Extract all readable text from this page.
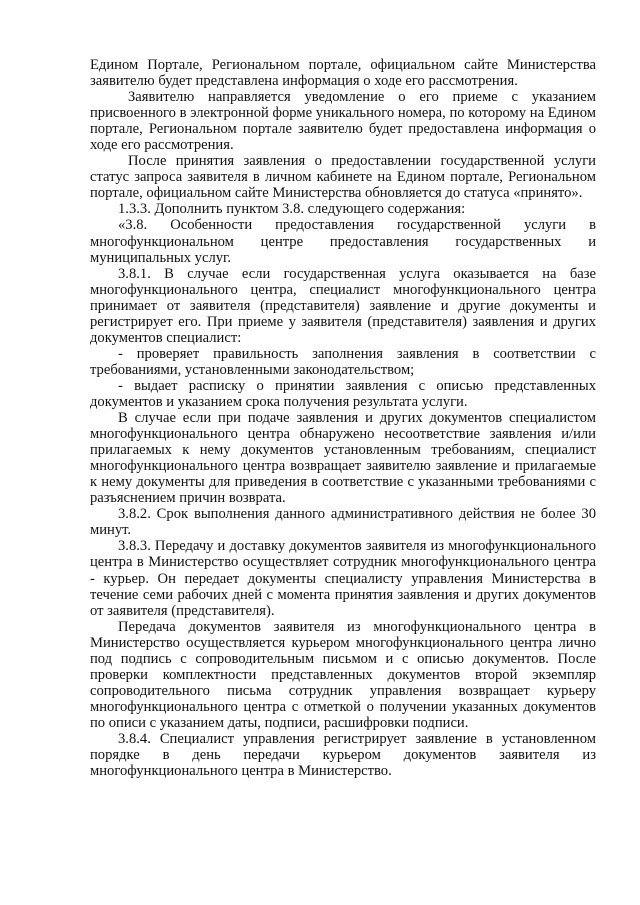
Едином Портале, Региональном портале, официальном сайте Министерства заявителю будет представлена информация о ходе его рассмотрения.

Заявителю направляется уведомление о его приеме с указанием присвоенного в электронной форме уникального номера, по которому на Едином портале, Региональном портале заявителю будет предоставлена информация о ходе его рассмотрения.

После принятия заявления о предоставлении государственной услуги статус запроса заявителя в личном кабинете на Едином портале, Региональном портале, официальном сайте Министерства обновляется до статуса «принято».

1.3.3. Дополнить пунктом 3.8. следующего содержания:

«3.8. Особенности предоставления государственной услуги в многофункциональном центре предоставления государственных и муниципальных услуг.

3.8.1. В случае если государственная услуга оказывается на базе многофункционального центра, специалист многофункционального центра принимает от заявителя (представителя) заявление и другие документы и регистрирует его. При приеме у заявителя (представителя) заявления и других документов специалист:

- проверяет правильность заполнения заявления в соответствии с требованиями, установленными законодательством;

- выдает расписку о принятии заявления с описью представленных документов и указанием срока получения результата услуги.

В случае если при подаче заявления и других документов специалистом многофункционального центра обнаружено несоответствие заявления и/или прилагаемых к нему документов установленным требованиям, специалист многофункционального центра возвращает заявителю заявление и прилагаемые к нему документы для приведения в соответствие с указанными требованиями с разъяснением причин возврата.

3.8.2. Срок выполнения данного административного действия не более 30 минут.

3.8.3. Передачу и доставку документов заявителя из многофункционального центра в Министерство осуществляет сотрудник многофункционального центра - курьер. Он передает документы специалисту управления Министерства в течение семи рабочих дней с момента принятия заявления и других документов от заявителя (представителя).

Передача документов заявителя из многофункционального центра в Министерство осуществляется курьером многофункционального центра лично под подпись с сопроводительным письмом и с описью документов. После проверки комплектности представленных документов второй экземпляр сопроводительного письма сотрудник управления возвращает курьеру многофункционального центра с отметкой о получении указанных документов по описи с указанием даты, подписи, расшифровки подписи.

3.8.4. Специалист управления регистрирует заявление в установленном порядке в день передачи курьером документов заявителя из многофункционального центра в Министерство.
